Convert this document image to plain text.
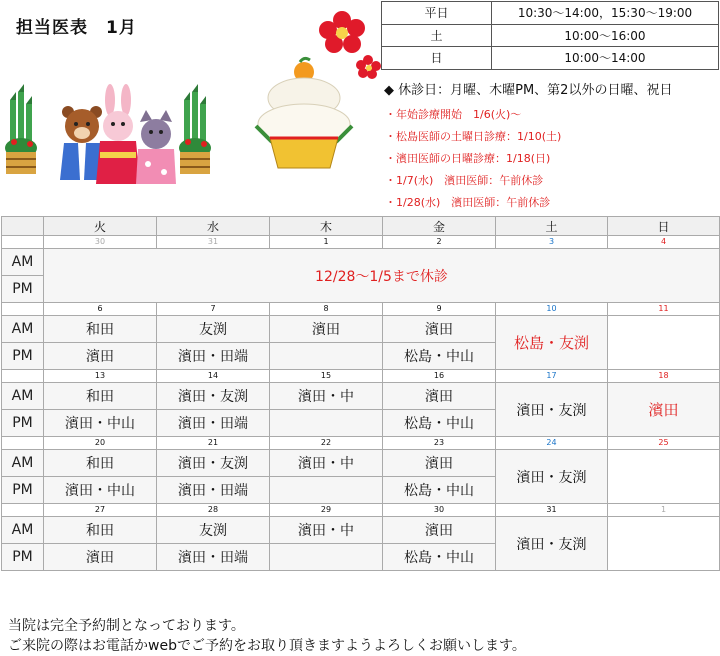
担当医表　1月
平日	10:30～14:00，15:30～19:00
土	10:00～16:00
日	10:00～14:00
◆ 休診日：月曜、木曜PM、第2以外の日曜、祝日
・年始診療開始　1/6(火)～
・松島医師の土曜日診療：1/10(土)
・濱田医師の日曜診療：1/18(日)
・1/7(水)　濱田医師：午前休診
・1/28(水)　濱田医師：午前休診
	火	水	木	金	土	日
	30	31	1	2	3	4
AM	12/28～1/5まで休診					
PM						
	6	7	8	9	10	11
AM	和田	友渕	濱田	濱田	松島・友渕	
PM	濱田	濱田・田端		松島・中山		
	13	14	15	16	17	18
AM	和田	濱田・友渕	濱田・中	濱田	濱田・友渕	濱田
PM	濱田・中山	濱田・田端		松島・中山		
	20	21	22	23	24	25
AM	和田	濱田・友渕	濱田・中	濱田	濱田・友渕	
PM	濱田・中山	濱田・田端		松島・中山		
	27	28	29	30	31	1
AM	和田	友渕	濱田・中	濱田	濱田・友渕	
PM	濱田	濱田・田端		松島・中山		
当院は完全予約制となっております。
ご来院の際はお電話かwebでご予約をお取り頂きますようよろしくお願いします。
